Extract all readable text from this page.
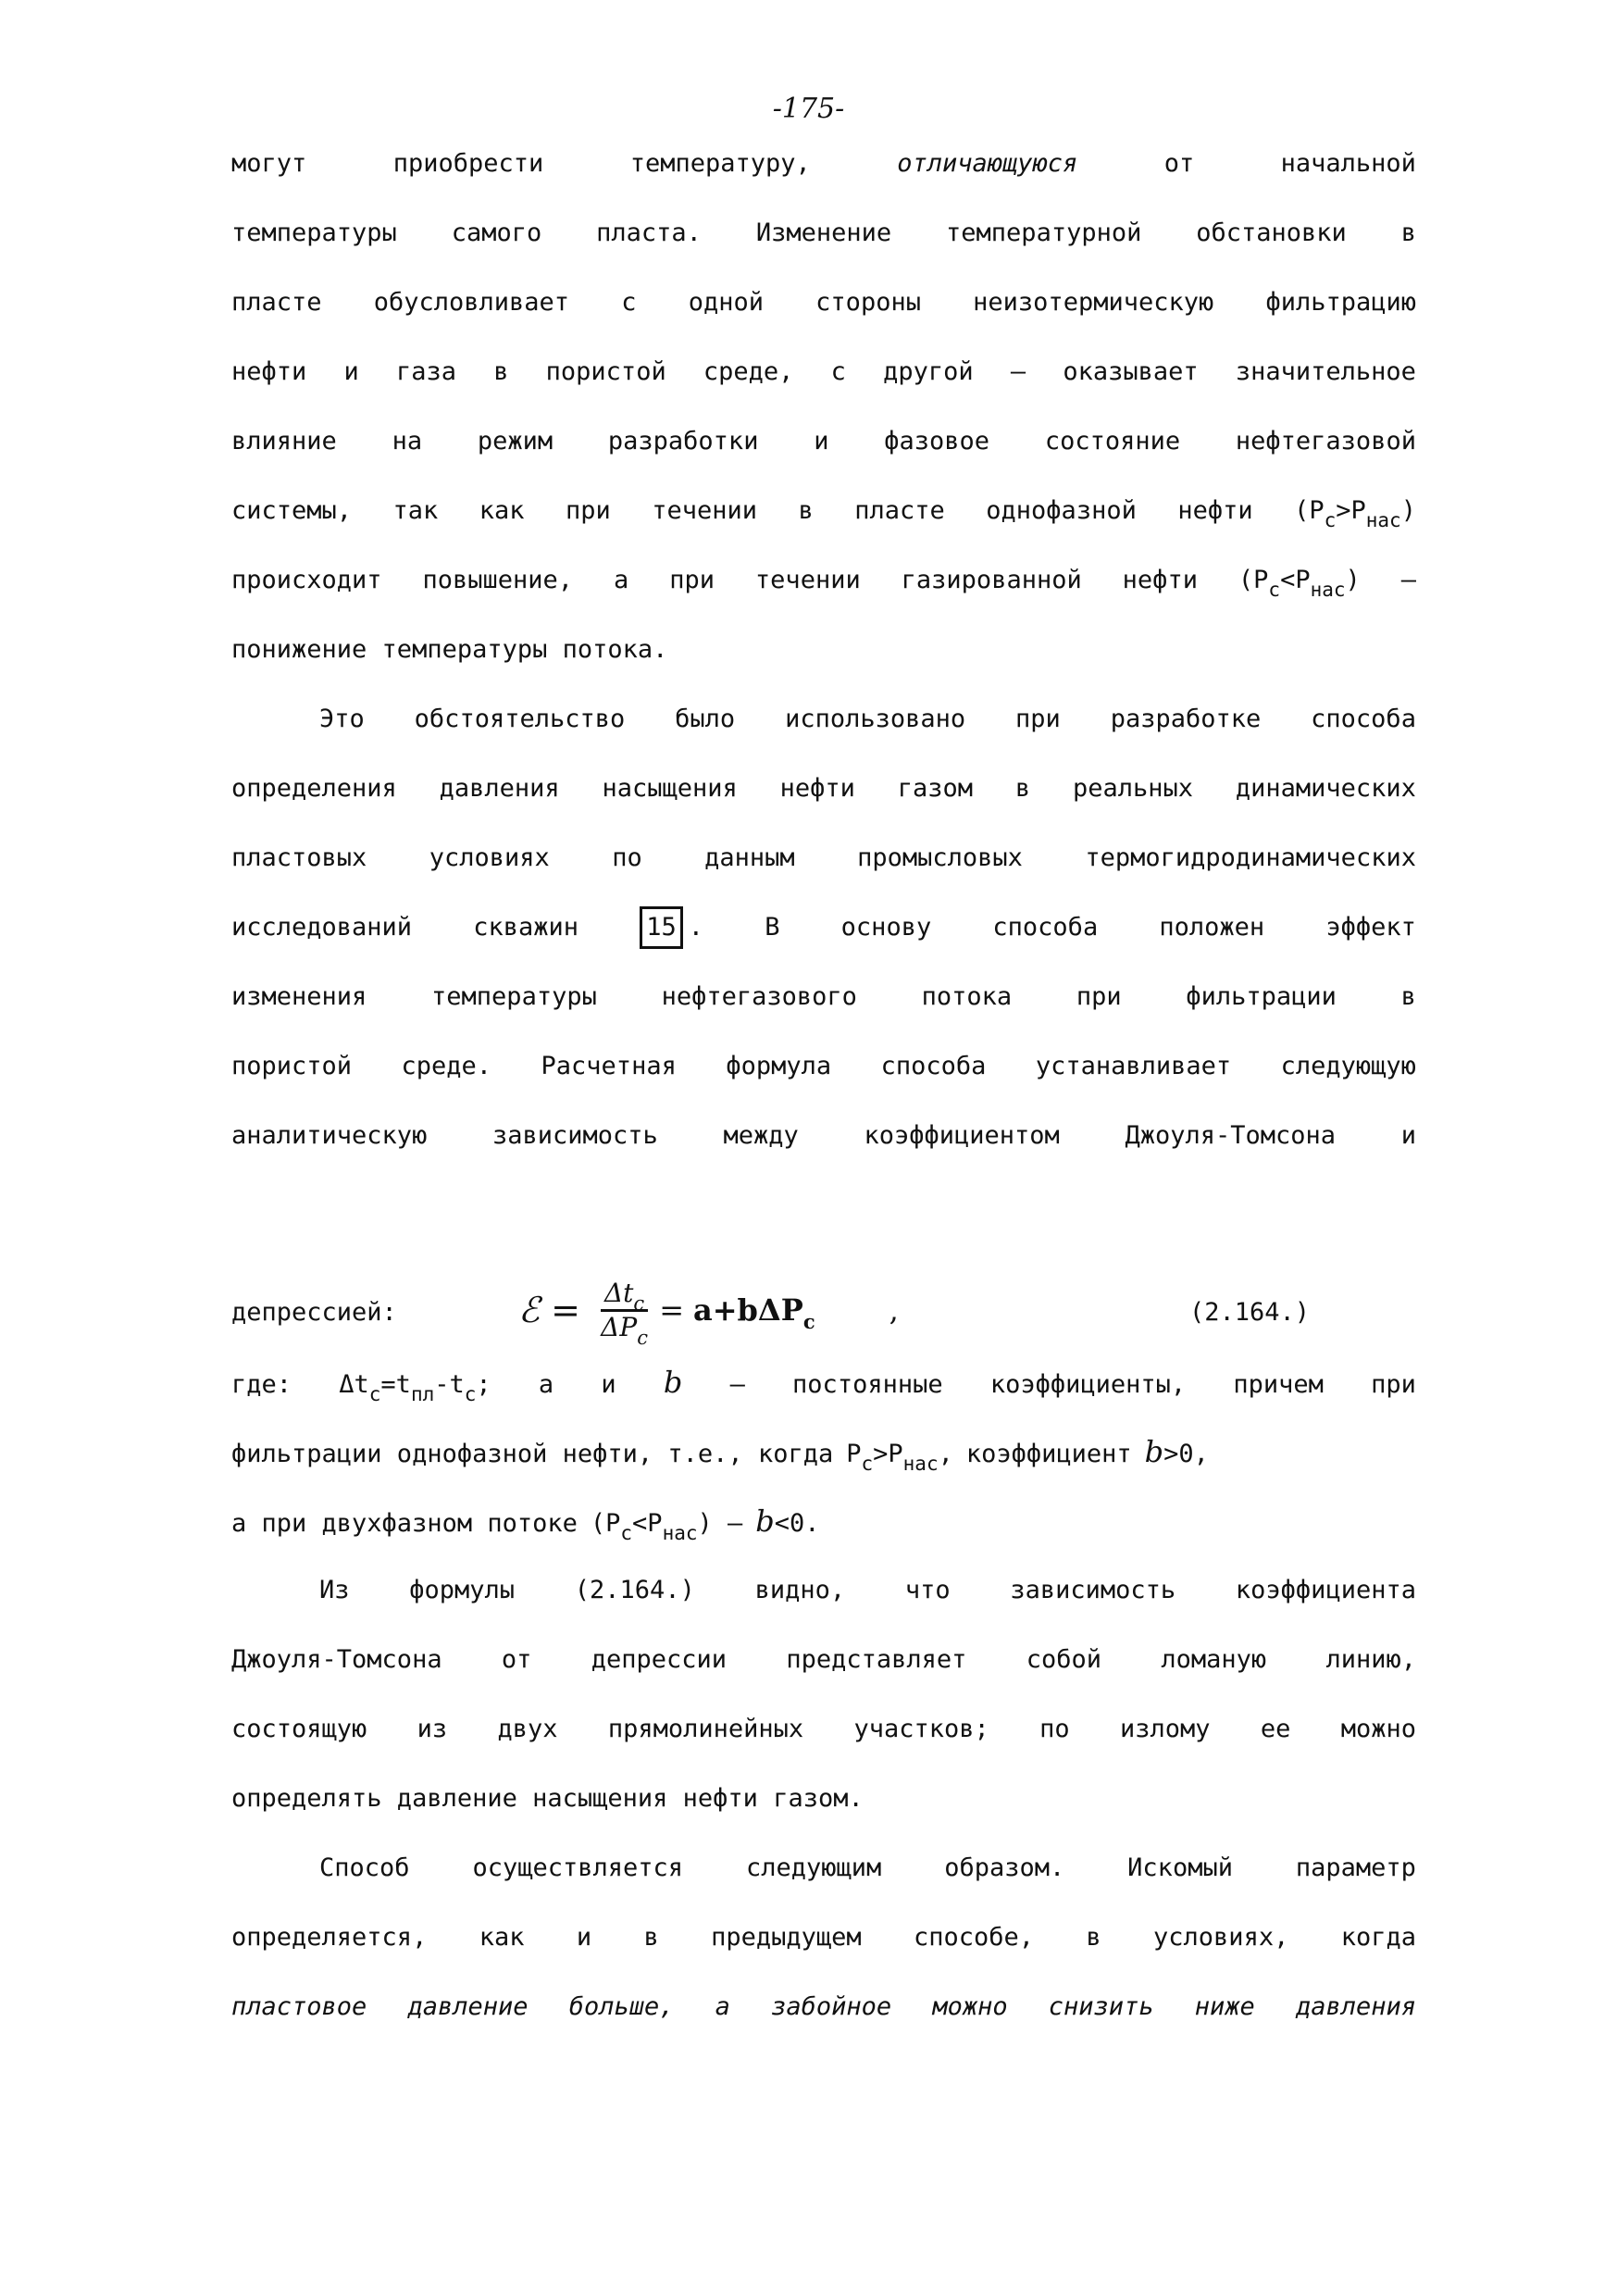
-175-
могут	приобрести	температуру,	отличающуюся	от	начальной
температуры самого пласта. Изменение температурной обстановки в
пласте обусловливает с одной стороны неизотермическую фильтрацию
нефти и газа в пористой среде, с другой – оказывает значительное
влияние на режим разработки и фазовое состояние нефтегазовой
системы, так как при течении в пласте однофазной нефти $(P_c>P_{нас})$
происходит повышение, а при течении газированной нефти $(P_c<P_{нас})$ –
понижение температуры потока.
Это обстоятельство было использовано при разработке способа
определения давления насыщения нефти газом в реальных динамических
пластовых условиях по данным промысловых термогидродинамических
исследований скважин	15 . В основу способа положен эффект
изменения	температуры	нефтегазового	потока	при	фильтрации	в
пористой среде. Расчетная формула способа устанавливает следующую
аналитическую	зависимость	между	коэффициентом	Джоуля-Томсона	и
депрессией:	ℰ = $\frac{\Delta t_c}{\Delta P_c} = a+b\Delta P_c$	,	(2.164.)
где: $\Delta t_c=t_{пл}-t_c$; а и b – постоянные коэффициенты, причем при
фильтрации однофазной нефти, т.е., когда $P_c>P_{нас}$, коэффициент b>0,
а при двухфазном потоке $(P_c<P_{нас}) - b<0$.
Из формулы (2.164.) видно, что зависимость коэффициента
Джоуля-Томсона от депрессии представляет собой ломаную линию,
состоящую из двух прямолинейных участков; по излому ее можно
определять давление насыщения нефти газом.
Способ	осуществляется	следующим	образом.	Искомый	параметр
определяется, как и в предыдущем способе, в условиях, когда
пластовое давление больше, а забойное можно снизить ниже давления
